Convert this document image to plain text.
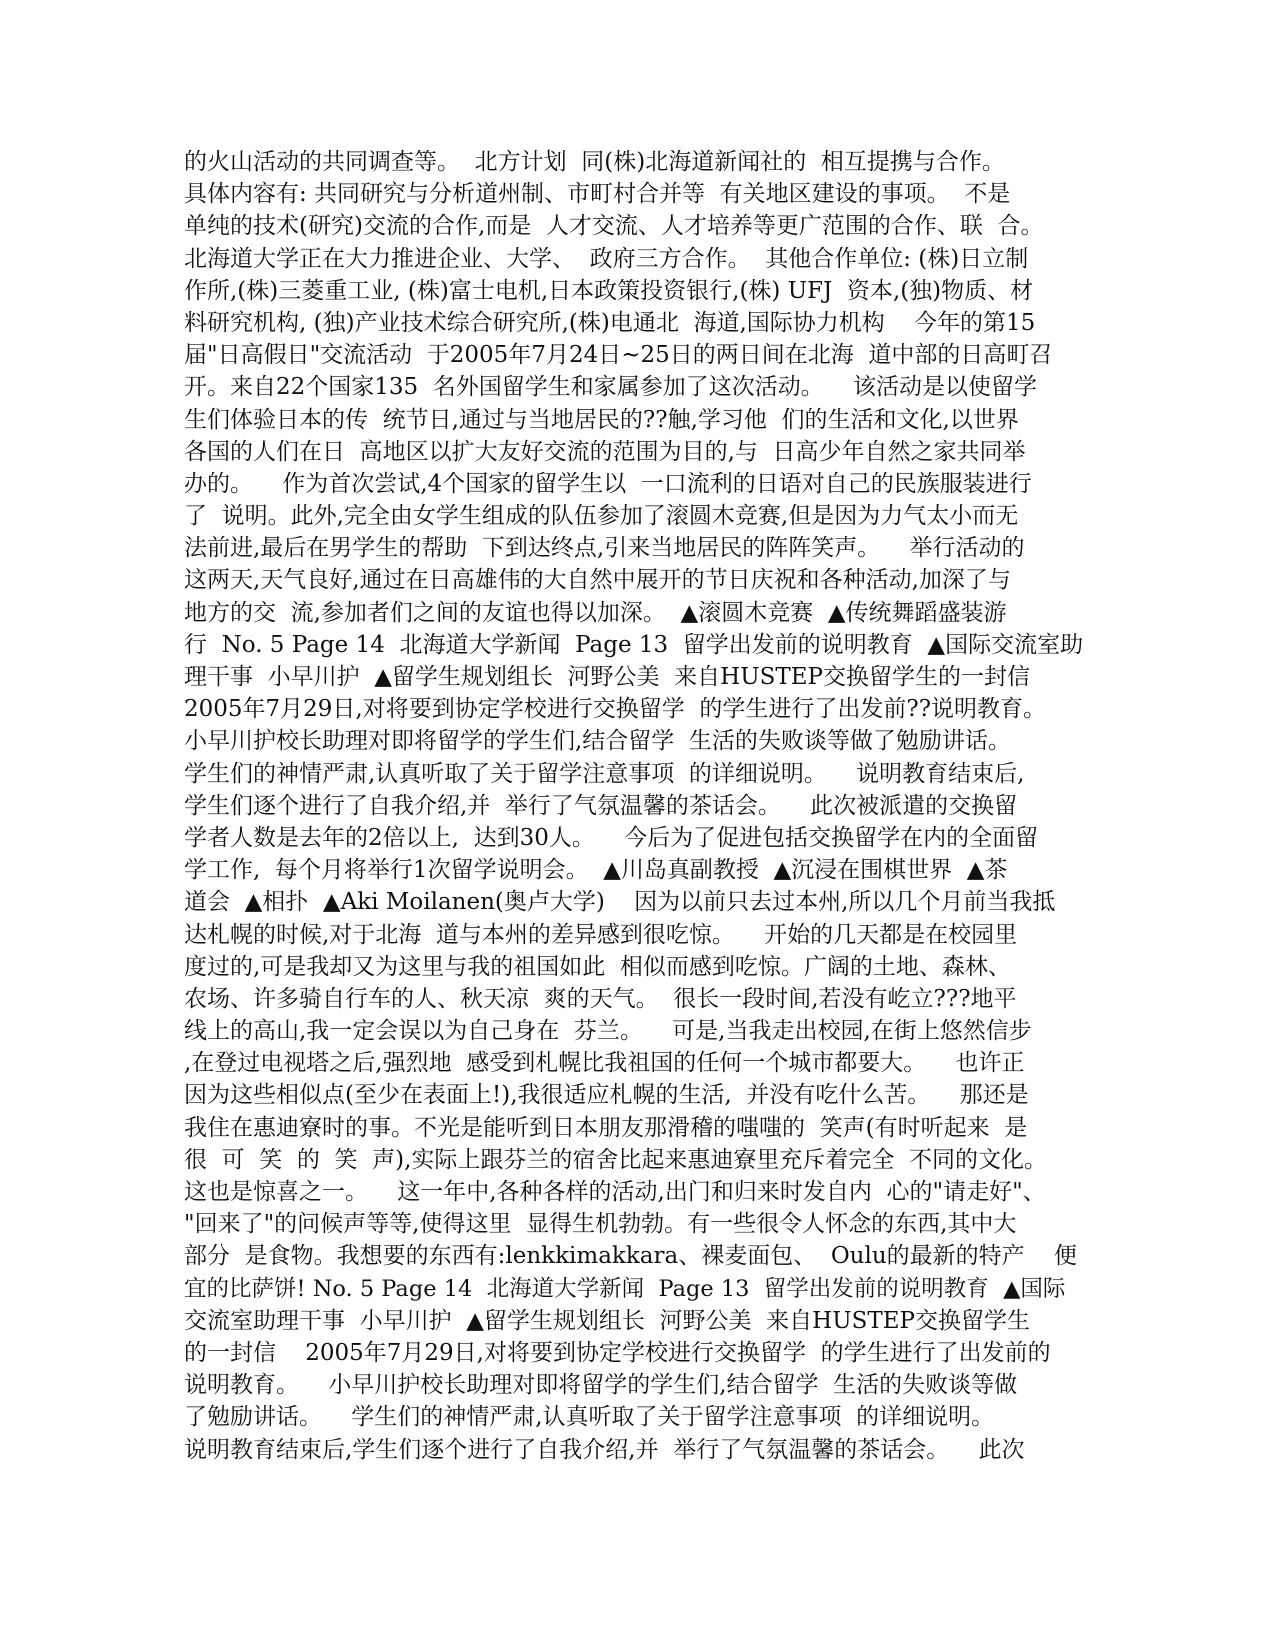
的火山活动的共同调查等。  北方计划  同(株)北海道新闻社的  相互提携与合作。
具体内容有: 共同研究与分析道州制、市町村合并等  有关地区建设的事项。  不是
单纯的技术(研究)交流的合作,而是  人才交流、人才培养等更广范围的合作、联  合。
北海道大学正在大力推进企业、大学、  政府三方合作。  其他合作单位: (株)日立制
作所,(株)三菱重工业, (株)富士电机,日本政策投资银行,(株) UFJ  资本,(独)物质、材
料研究机构, (独)产业技术综合研究所,(株)电通北  海道,国际协力机构    今年的第15
届"日高假日"交流活动  于2005年7月24日~25日的两日间在北海  道中部的日高町召
开。来自22个国家135  名外国留学生和家属参加了这次活动。    该活动是以使留学
生们体验日本的传  统节日,通过与当地居民的??触,学习他  们的生活和文化,以世界
各国的人们在日  高地区以扩大友好交流的范围为目的,与  日高少年自然之家共同举
办的。    作为首次尝试,4个国家的留学生以  一口流利的日语对自己的民族服装进行
了  说明。此外,完全由女学生组成的队伍参加了滚圆木竞赛,但是因为力气太小而无
法前进,最后在男学生的帮助  下到达终点,引来当地居民的阵阵笑声。    举行活动的
这两天,天气良好,通过在日高雄伟的大自然中展开的节日庆祝和各种活动,加深了与
地方的交  流,参加者们之间的友谊也得以加深。  ▲滚圆木竞赛  ▲传统舞蹈盛装游
行  No. 5 Page 14  北海道大学新闻  Page 13  留学出发前的说明教育  ▲国际交流室助
理干事  小早川护  ▲留学生规划组长  河野公美  来自HUSTEP交换留学生的一封信
2005年7月29日,对将要到协定学校进行交换留学  的学生进行了出发前??说明教育。
小早川护校长助理对即将留学的学生们,结合留学  生活的失败谈等做了勉励讲话。
学生们的神情严肃,认真听取了关于留学注意事项  的详细说明。    说明教育结束后,
学生们逐个进行了自我介绍,并  举行了气氛温馨的茶话会。    此次被派遣的交换留
学者人数是去年的2倍以上,  达到30人。    今后为了促进包括交换留学在内的全面留
学工作,  每个月将举行1次留学说明会。  ▲川岛真副教授  ▲沉浸在围棋世界  ▲茶
道会  ▲相扑  ▲Aki Moilanen(奥卢大学)    因为以前只去过本州,所以几个月前当我抵
达札幌的时候,对于北海  道与本州的差异感到很吃惊。    开始的几天都是在校园里
度过的,可是我却又为这里与我的祖国如此  相似而感到吃惊。广阔的土地、森林、
农场、许多骑自行车的人、秋天凉  爽的天气。  很长一段时间,若没有屹立???地平
线上的高山,我一定会误以为自己身在  芬兰。    可是,当我走出校园,在街上悠然信步
,在登过电视塔之后,强烈地  感受到札幌比我祖国的任何一个城市都要大。    也许正
因为这些相似点(至少在表面上!),我很适应札幌的生活,  并没有吃什么苦。    那还是
我住在惠迪寮时的事。不光是能听到日本朋友那滑稽的嗤嗤的  笑声(有时听起来  是
很  可  笑  的  笑  声),实际上跟芬兰的宿舍比起来惠迪寮里充斥着完全  不同的文化。
这也是惊喜之一。    这一年中,各种各样的活动,出门和归来时发自内  心的"请走好"、
"回来了"的问候声等等,使得这里  显得生机勃勃。有一些很令人怀念的东西,其中大
部分  是食物。我想要的东西有:lenkkimakkara、裸麦面包、  Oulu的最新的特产    便
宜的比萨饼! No. 5 Page 14  北海道大学新闻  Page 13  留学出发前的说明教育  ▲国际
交流室助理干事  小早川护  ▲留学生规划组长  河野公美  来自HUSTEP交换留学生
的一封信    2005年7月29日,对将要到协定学校进行交换留学  的学生进行了出发前的
说明教育。    小早川护校长助理对即将留学的学生们,结合留学  生活的失败谈等做
了勉励讲话。    学生们的神情严肃,认真听取了关于留学注意事项  的详细说明。
说明教育结束后,学生们逐个进行了自我介绍,并  举行了气氛温馨的茶话会。    此次
